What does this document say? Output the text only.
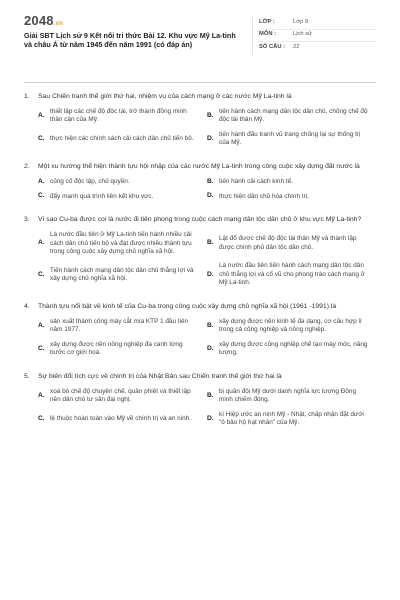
2048.vn
Giải SBT Lịch sử 9 Kết nối tri thức Bài 12. Khu vực Mỹ La-tinh và châu Á từ năm 1945 đến năm 1991 (có đáp án)
LỚP :	Lớp 9
MÔN :	Lịch sử
SỐ CÂU :	22
1.	Sau Chiến tranh thế giới thứ hai, nhiệm vụ của cách mạng ở các nước Mỹ La-tinh là
A.
thiết lập các chế độ độc tài, trở thành đồng minh thân cận của Mỹ.
B.
tiến hành cách mạng dân tộc dân chủ, chống chế độ độc tài thân Mỹ.
C. thực hiện các chính sách cải cách dân chủ tiến bộ.	D.
tiến hành đấu tranh vũ trang chống lại sự thống trị của Mỹ.
2.	Một xu hướng thể hiện thành tựu hội nhập của các nước Mỹ La-tinh trong công cuộc xây dựng đất nước là
A. củng cố độc lập, chủ quyền.	B. tiến hành cải cách kinh tế.
C. đẩy mạnh quá trình liên kết khu vực.	D. thực hiện dân chủ hóa chính trị.
3.	Vì sao Cu-ba được coi là nước đi tiên phong trong cuộc cách mạng dân tộc dân chủ ở khu vực Mỹ La-tinh?
A.
Là nước đầu tiên ở Mỹ La-tinh tiến hành nhiều cải cách dân chủ tiến bộ và đạt được nhiều thành tựu trong công cuộc xây dựng chủ nghĩa xã hội.
B.
Lật đổ được chế độ độc tài thân Mỹ và thành lập được chính phủ dân tộc dân chủ.
C.
Tiến hành cách mạng dân tộc dân chủ thắng lợi và xây dựng chủ nghĩa xã hội.
D.
Là nước đầu tiên tiến hành cách mạng dân tộc dân chủ thắng lợi và cổ vũ cho phong trào cách mạng ở Mỹ La-tinh.
4.	Thành tựu nổi bật về kinh tế của Cu-ba trong công cuộc xây dựng chủ nghĩa xã hội (1961 -1991) là
A.
sản xuất thành công máy cắt mía KTP 1 đầu tiên năm 1977.
B.
xây dựng được nền kinh tế đa dạng, cơ cấu hợp lí trong cả công nghiệp và nông nghiệp.
C.
xây dựng được nền nông nghiệp đa canh từng bước cơ giới hoá.
D.
xây dựng được công nghiệp chế tạo máy móc, năng lượng.
5.	Sự biến đổi tích cực về chính trị của Nhật Bản sau Chiến tranh thế giới thứ hai là
A.
xoá bỏ chế độ chuyên chế, quân phiệt và thiết lập nền dân chủ tư sản đại nghị.
B.
bị quân đội Mỹ dưới danh nghĩa lực lượng Đồng minh chiếm đóng.
C. lệ thuộc hoàn toàn vào Mỹ về chính trị và an ninh.	D.
kí Hiệp ước an ninh Mỹ - Nhật, chấp nhận đặt dưới "ô bảo hộ hạt nhân" của Mỹ.
